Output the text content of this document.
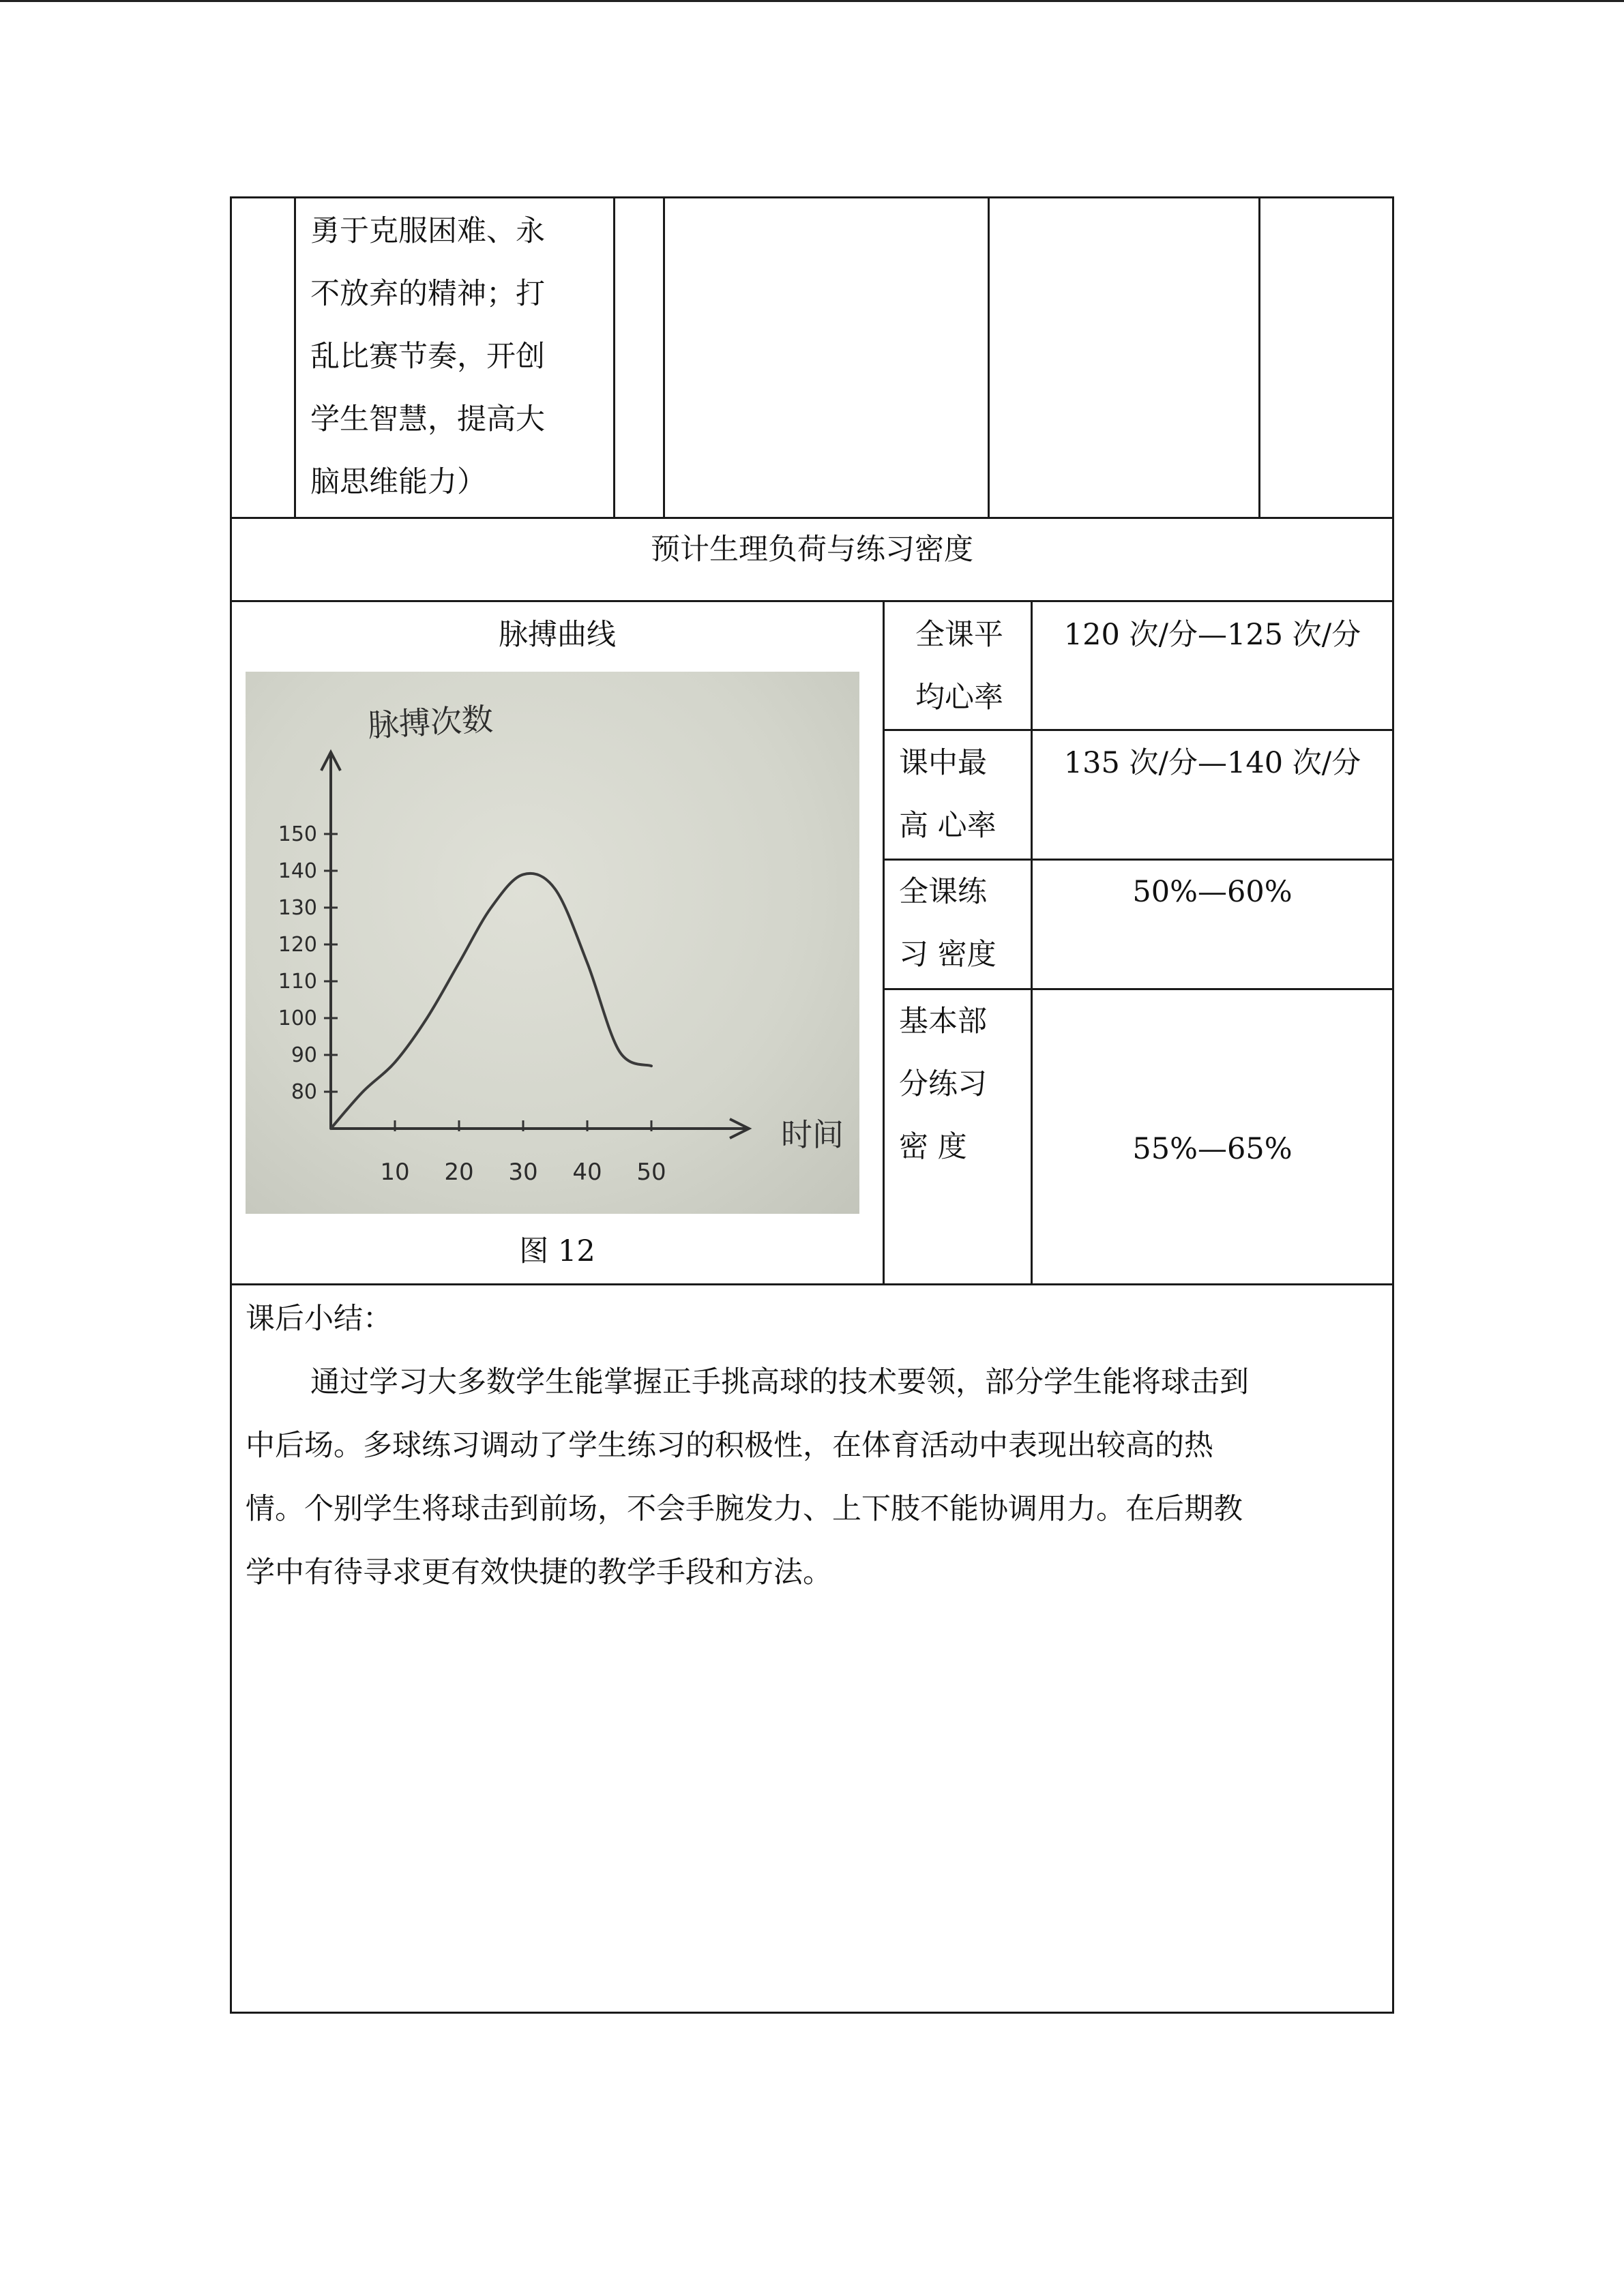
勇于克服困难、永
不放弃的精神；打
乱比赛节奏，开创
学生智慧，提高大
脑思维能力）
预计生理负荷与练习密度
脉搏曲线
80
90
100
110
120
130
140
150
10 20 30 40 50
脉搏次数
时间
图 12
全课平
均心率
120 次/分—125 次/分
课中最
高 心率
135 次/分—140 次/分
全课练
习 密度
50%—60%
基本部
分练习
密 度	55%—65%
课后小结：
通过学习大多数学生能掌握正手挑高球的技术要领，部分学生能将球击到
中后场。多球练习调动了学生练习的积极性，在体育活动中表现出较高的热
情。个别学生将球击到前场，不会手腕发力、上下肢不能协调用力。在后期教
学中有待寻求更有效快捷的教学手段和方法。
